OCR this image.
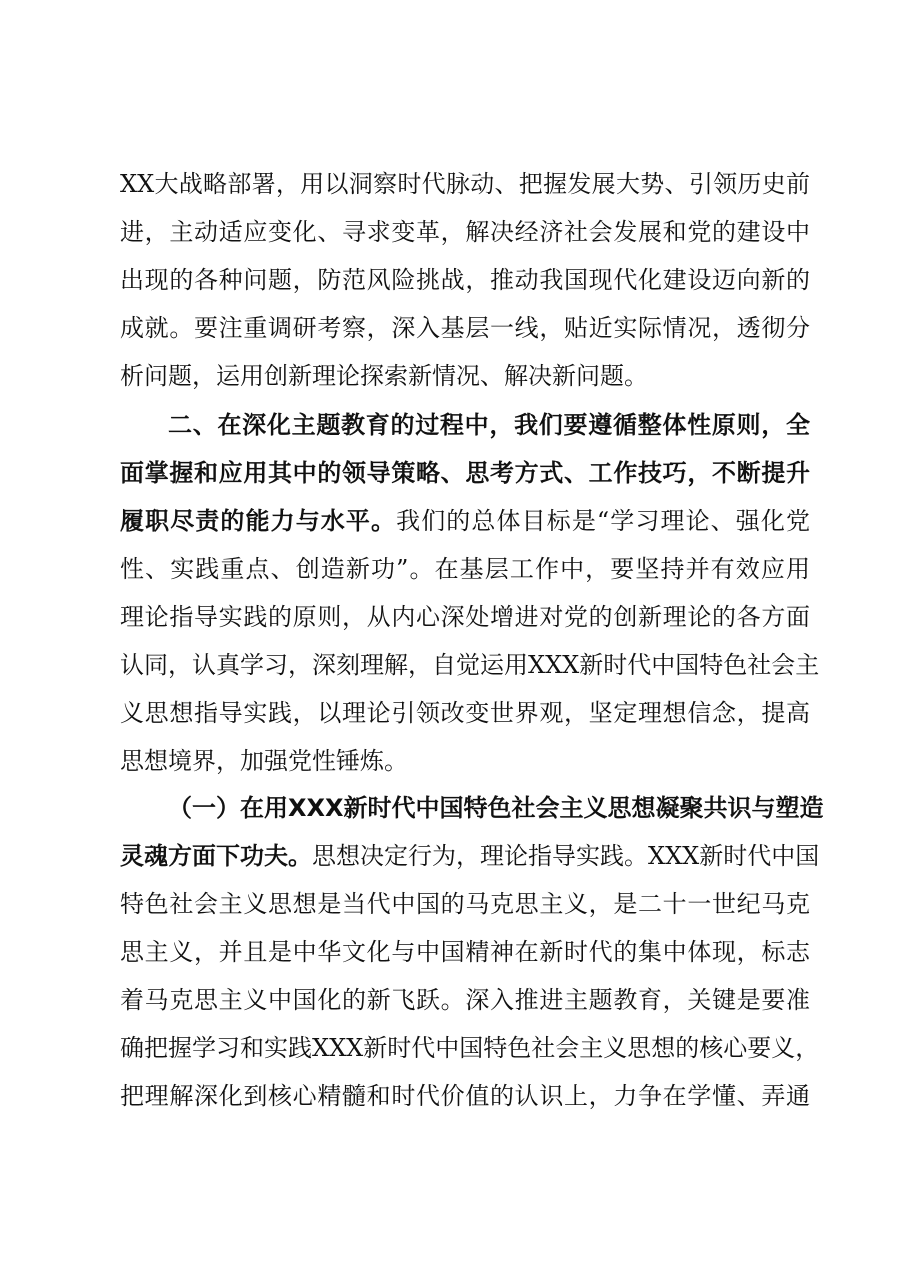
XX大战略部署，用以洞察时代脉动、把握发展大势、引领历史前
进，主动适应变化、寻求变革，解决经济社会发展和党的建设中
出现的各种问题，防范风险挑战，推动我国现代化建设迈向新的
成就。要注重调研考察，深入基层一线，贴近实际情况，透彻分
析问题，运用创新理论探索新情况、解决新问题。
二、在深化主题教育的过程中，我们要遵循整体性原则，全
面掌握和应用其中的领导策略、思考方式、工作技巧，不断提升
履职尽责的能力与水平。我们的总体目标是“学习理论、强化党
性、实践重点、创造新功”。在基层工作中，要坚持并有效应用
理论指导实践的原则，从内心深处增进对党的创新理论的各方面
认同，认真学习，深刻理解，自觉运用XXX新时代中国特色社会主
义思想指导实践，以理论引领改变世界观，坚定理想信念，提高
思想境界，加强党性锤炼。
（一）在用XXX新时代中国特色社会主义思想凝聚共识与塑造
灵魂方面下功夫。思想决定行为，理论指导实践。XXX新时代中国
特色社会主义思想是当代中国的马克思主义，是二十一世纪马克
思主义，并且是中华文化与中国精神在新时代的集中体现，标志
着马克思主义中国化的新飞跃。深入推进主题教育，关键是要准
确把握学习和实践XXX新时代中国特色社会主义思想的核心要义，
把理解深化到核心精髓和时代价值的认识上，力争在学懂、弄通
